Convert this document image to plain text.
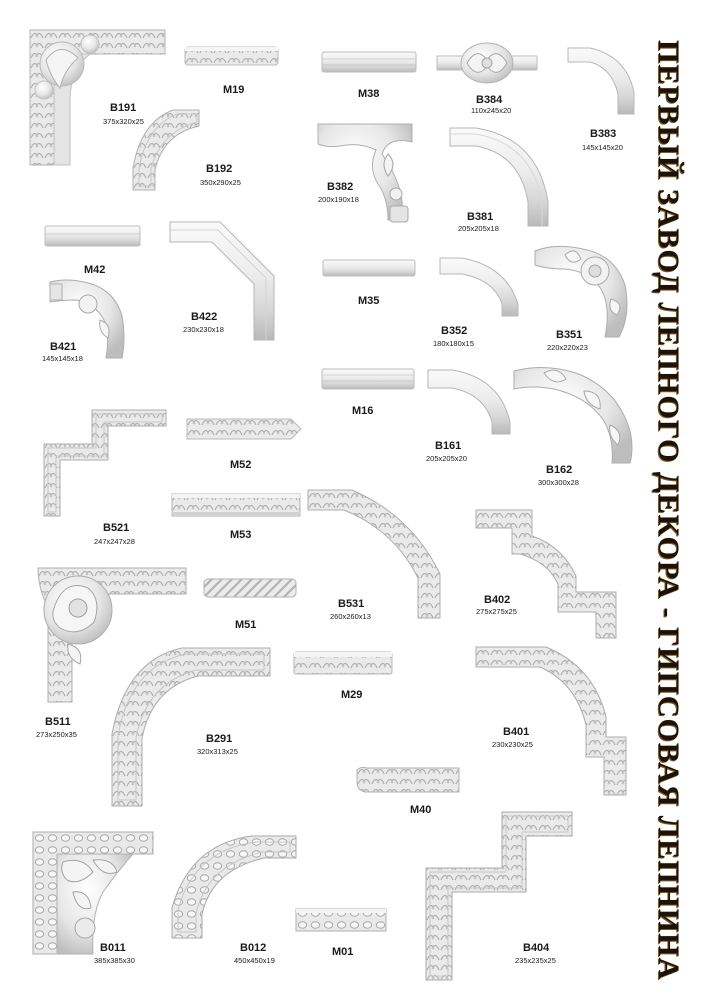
ПЕРВЫЙ ЗАВОД ЛЕПНОГО ДЕКОРА - ГИПСОВАЯ ЛЕПНИНА
B191
375x320x25
M19	M38	B384
110x245x20
B383
145x145x20
B192
350x290x25	B382
200x190x18
B381
205x205x18
M42
B422
230x230x18
M35
B352
180x180x15
B351
220x220x23
B421
145x145x18
M16
B161
205x205x20
B162
300x300x28
M52
B521
247x247x28
M53
B531
260x260x13
B402
275x275x25
M51
B511
273x250x35	B291
320x313x25
M29
B401
230x230x25
M40
B011
385x385x30
B012
450x450x19
M01	B404
235x235x25
